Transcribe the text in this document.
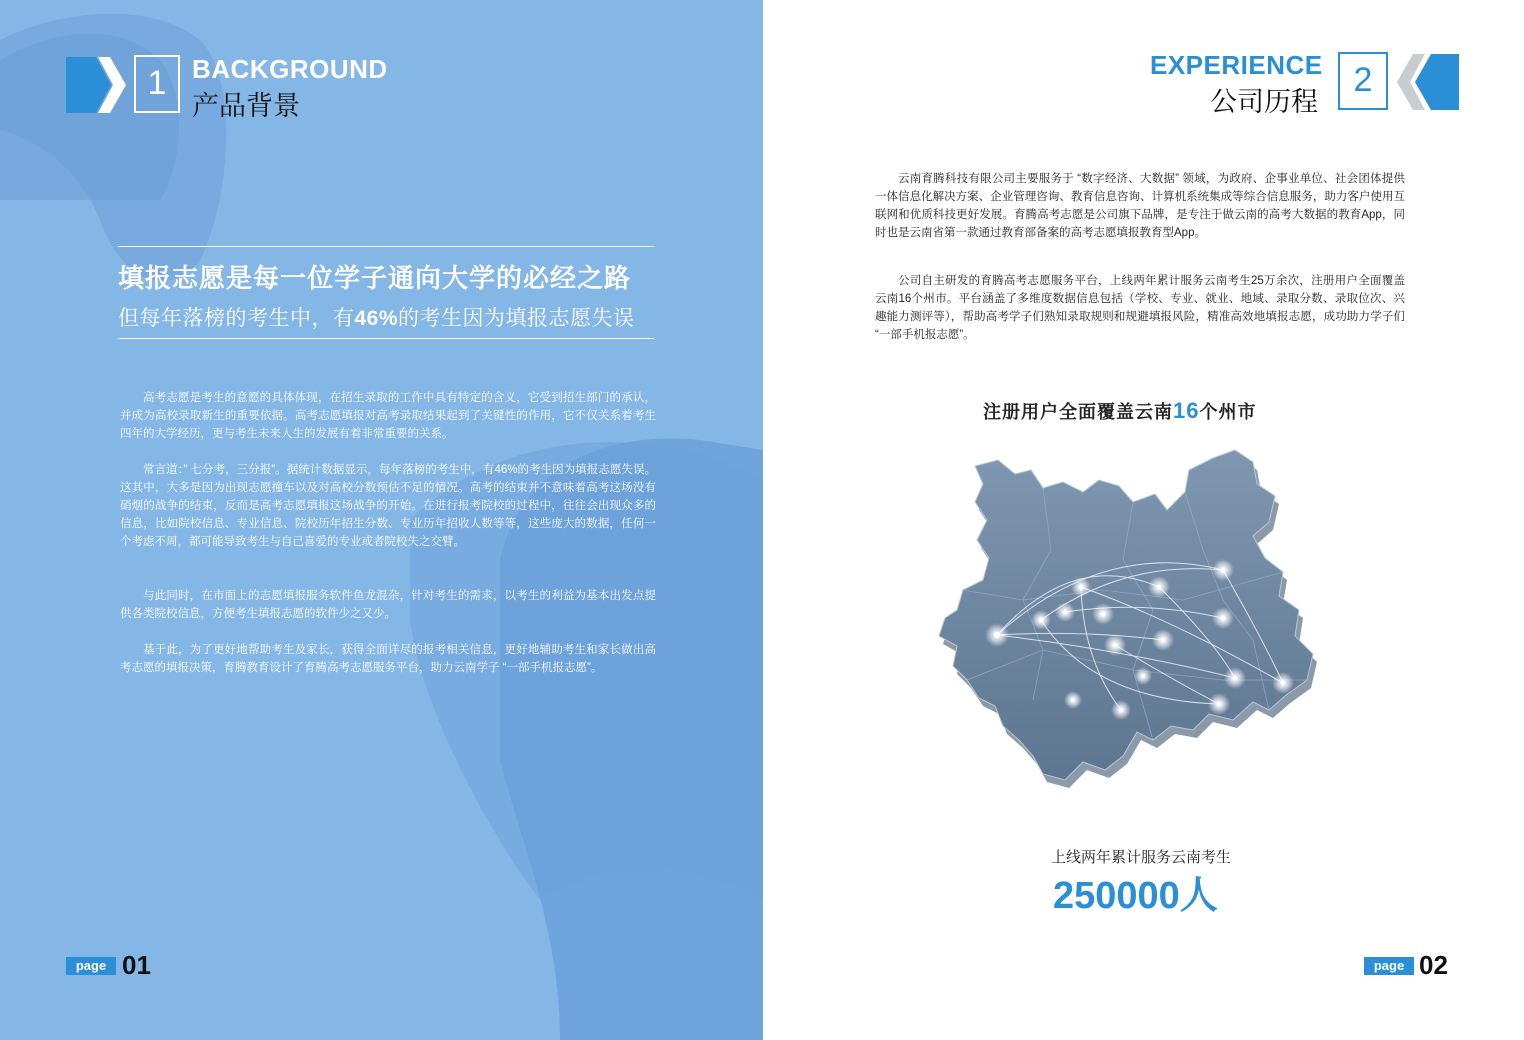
1 BACKGROUND
产品背景
填报志愿是每一位学子通向大学的必经之路
但每年落榜的考生中，有46%的考生因为填报志愿失误

高考志愿是考生的意愿的具体体现，在招生录取的工作中具有特定的含义，它受到招生部门的承认，并成为高校录取新生的重要依据。高考志愿填报对高考录取结果起到了关键性的作用，它不仅关系着考生四年的大学经历，更与考生未来人生的发展有着非常重要的关系。

常言道：” 七分考，三分报”。据统计数据显示，每年落榜的考生中，有46%的考生因为填报志愿失误。这其中，大多是因为出现志愿撞车以及对高校分数预估不足的情况。高考的结束并不意味着高考这场没有硝烟的战争的结束，反而是高考志愿填报这场战争的开始。在进行报考院校的过程中，往往会出现众多的信息，比如院校信息、专业信息、院校历年招生分数、专业历年招收人数等等，这些庞大的数据，任何一个考虑不周，都可能导致考生与自己喜爱的专业或者院校失之交臂。

与此同时，在市面上的志愿填报服务软件鱼龙混杂，针对考生的需求，以考生的利益为基本出发点提供各类院校信息，方便考生填报志愿的软件少之又少。

基于此，为了更好地帮助考生及家长，获得全面详尽的报考相关信息，更好地辅助考生和家长做出高考志愿的填报决策，育腾教育设计了育腾高考志愿服务平台，助力云南学子 “一部手机报志愿”。

page 01
EXPERIENCE
公司历程
2

云南育腾科技有限公司主要服务于 “数字经济、大数据” 领域，为政府、企事业单位、社会团体提供一体信息化解决方案、企业管理咨询、教育信息咨询、计算机系统集成等综合信息服务，助力客户使用互联网和优质科技更好发展。育腾高考志愿是公司旗下品牌，是专注于做云南的高考大数据的教育App，同时也是云南省第一款通过教育部备案的高考志愿填报教育型App。

公司自主研发的育腾高考志愿服务平台，上线两年累计服务云南考生25万余次，注册用户全面覆盖云南16个州市。平台涵盖了多维度数据信息包括（学校、专业、就业、地域、录取分数、录取位次、兴趣能力测评等），帮助高考学子们熟知录取规则和规避填报风险，精准高效地填报志愿，成功助力学子们 “一部手机报志愿”。

注册用户全面覆盖云南16个州市
上线两年累计服务云南考生
250000人
page 02
